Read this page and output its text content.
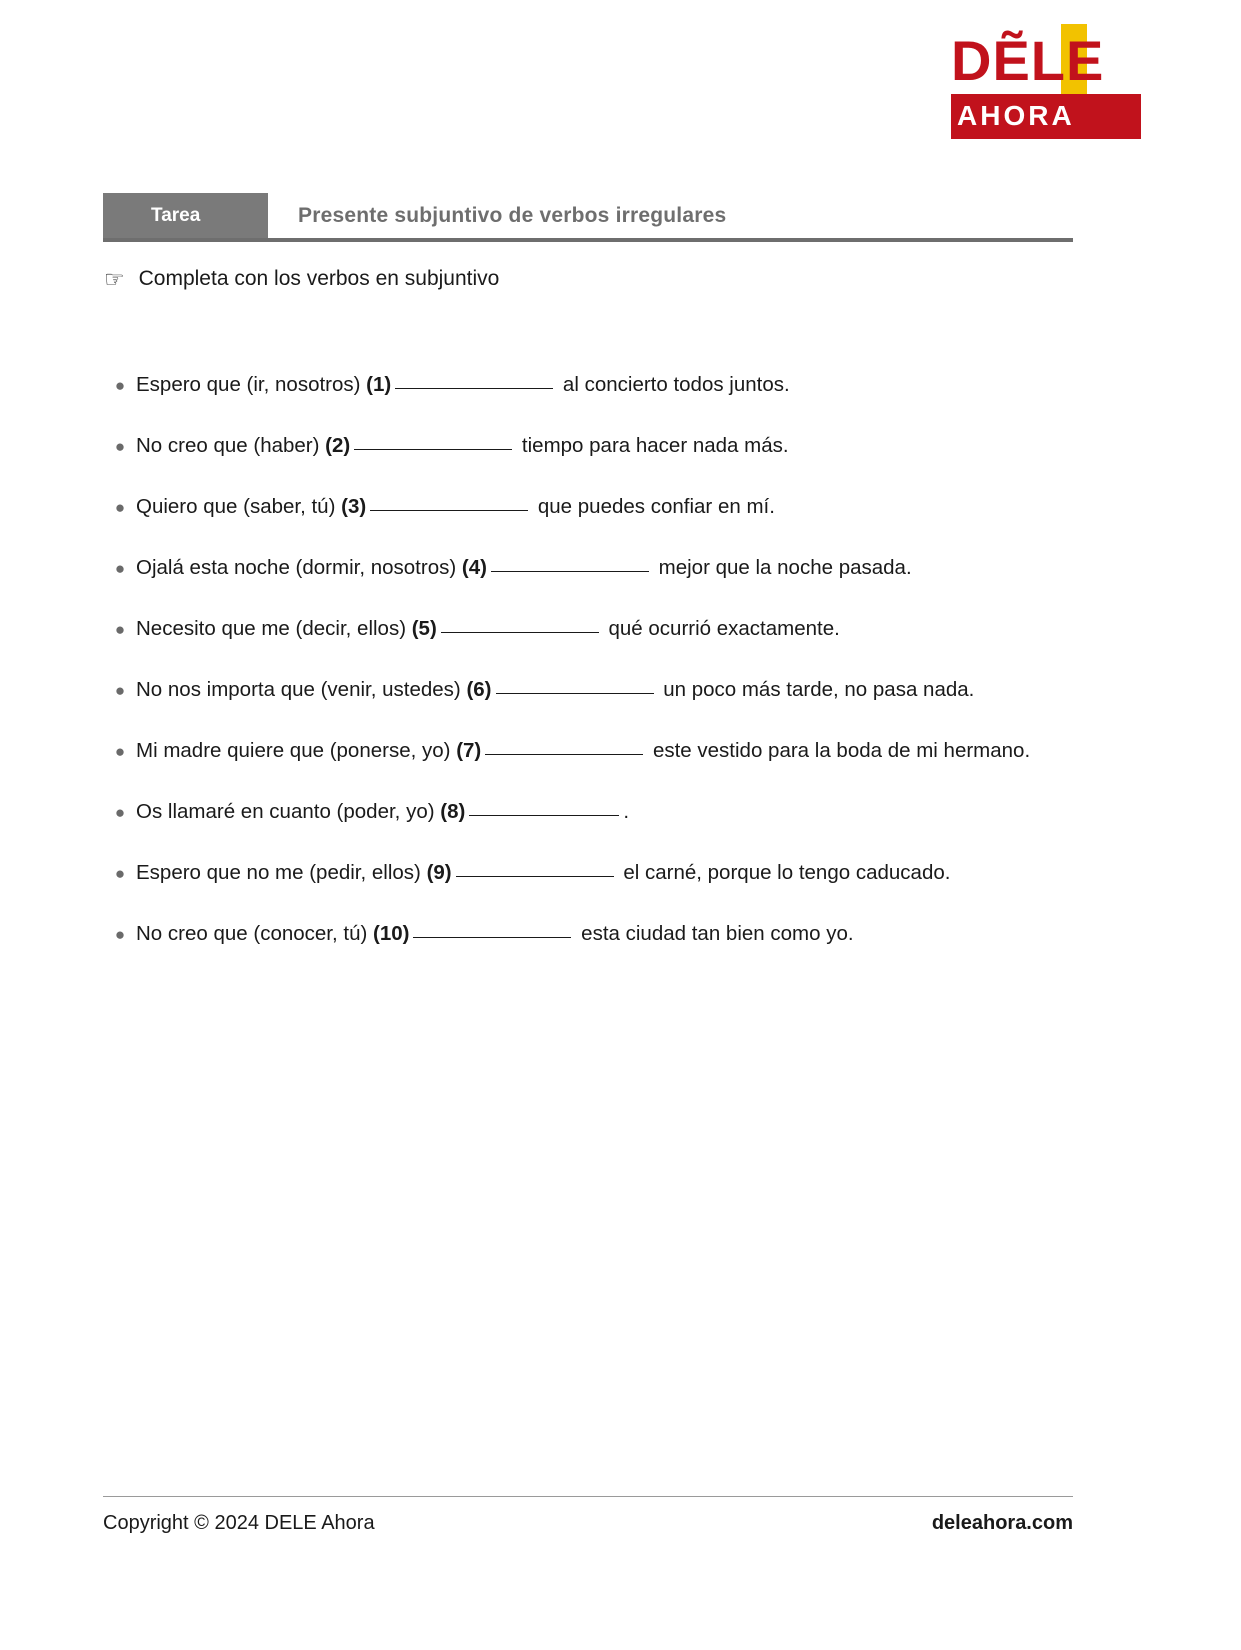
DẼLE
AHORA
Tarea	Presente subjuntivo de verbos irregulares
☞ Completa con los verbos en subjuntivo
● Espero que (ir, nosotros) (1)	al concierto todos juntos.
● No creo que (haber) (2)	tiempo para hacer nada más.
● Quiero que (saber, tú) (3)	que puedes confiar en mí.
● Ojalá esta noche (dormir, nosotros) (4)	mejor que la noche pasada.
● Necesito que me (decir, ellos) (5)	qué ocurrió exactamente.
● No nos importa que (venir, ustedes) (6)	un poco más tarde, no pasa nada.
● Mi madre quiere que (ponerse, yo) (7)	este vestido para la boda de mi hermano.
● Os llamaré en cuanto (poder, yo) (8)	.
● Espero que no me (pedir, ellos) (9)	el carné, porque lo tengo caducado.
● No creo que (conocer, tú) (10)	esta ciudad tan bien como yo.
Copyright © 2024 DELE Ahora	deleahora.com
